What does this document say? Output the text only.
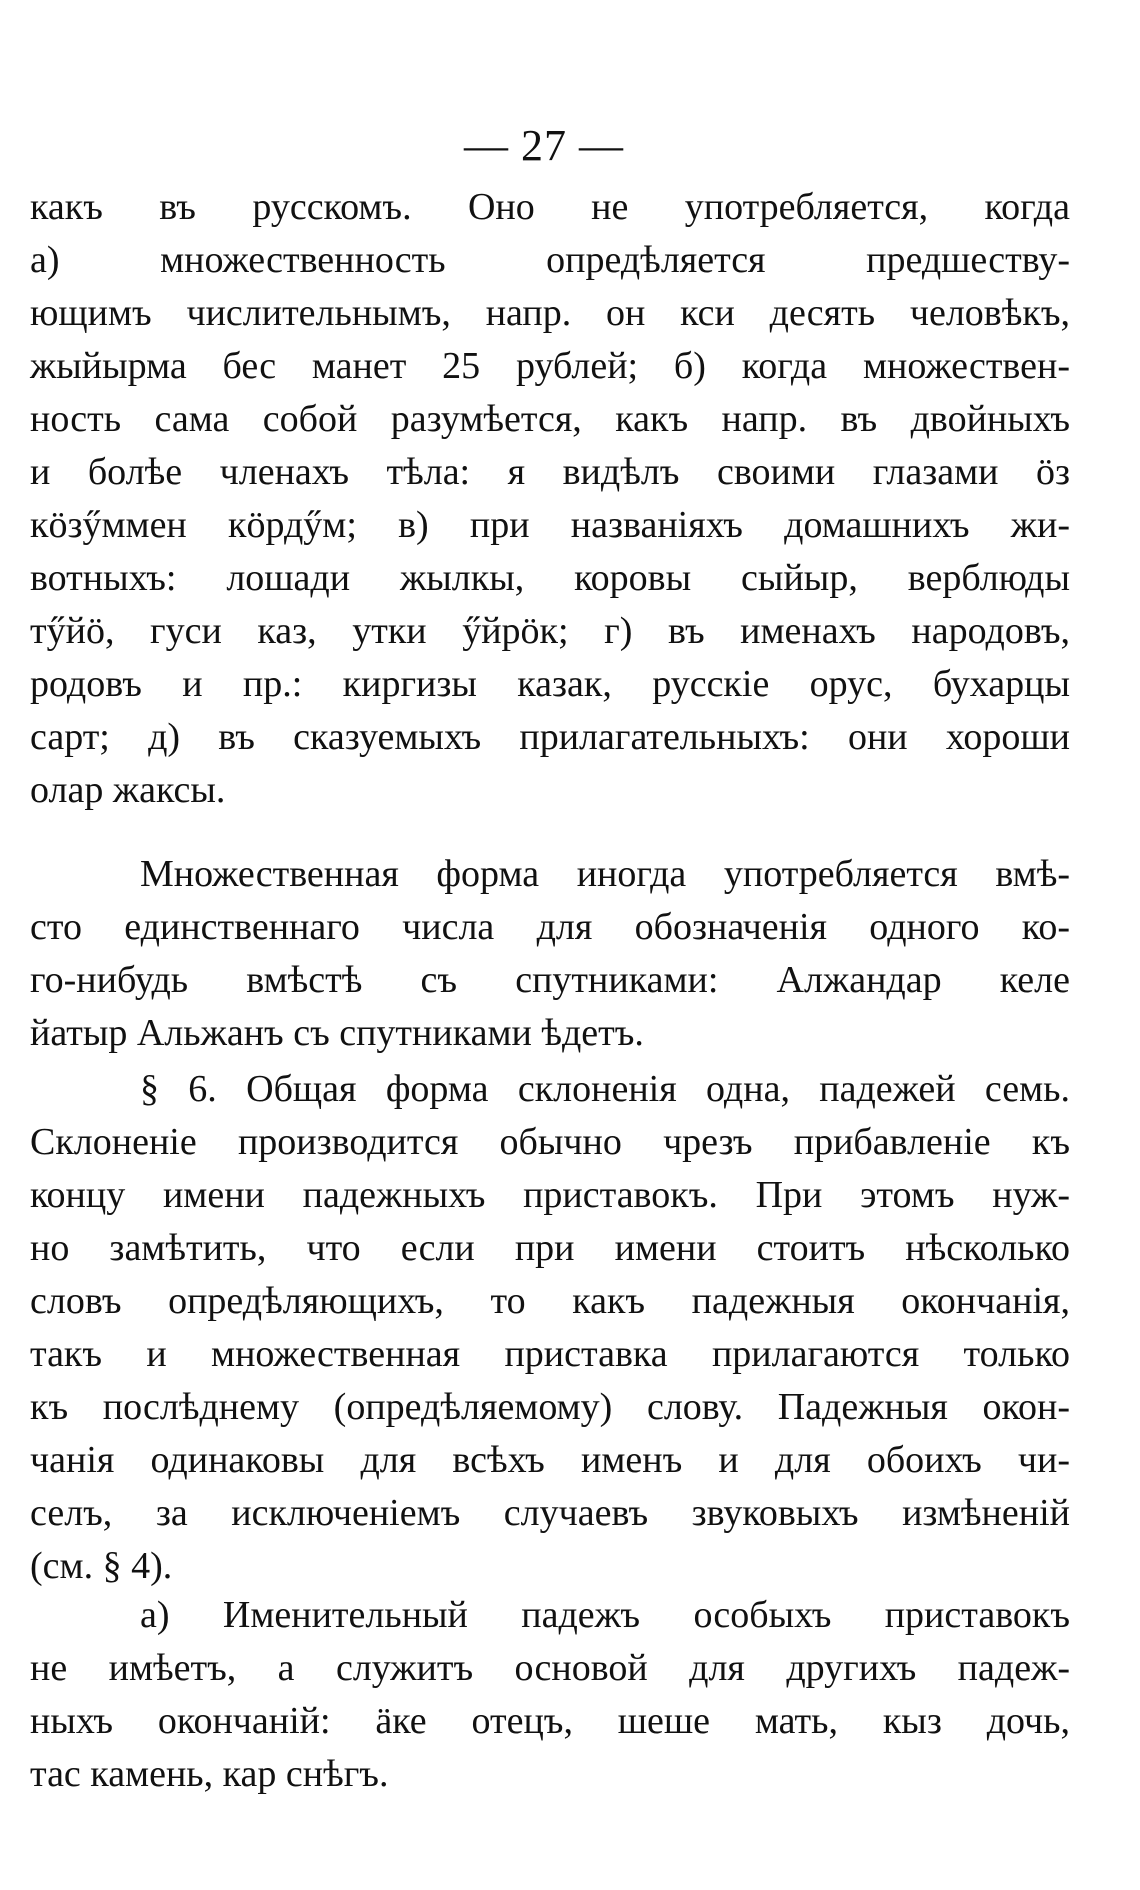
— 27 —
какъ въ русскомъ. Оно не употребляется, когда
а) множественность опредѣляется предшеству-
ющимъ числительнымъ, напр. он кси десять человѣкъ,
жыйырма бес манет 25 рублей; б) когда множествен-
ность сама собой разумѣется, какъ напр. въ двойныхъ
и болѣе членахъ тѣла: я видѣлъ своими глазами öз
кöзӳммен кöрдӳм; в) при названіяхъ домашнихъ жи-
вотныхъ: лошади жылкы, коровы сыйыр, верблюды
тӳйö, гуси каз, утки ӳйрöк; г) въ именахъ народовъ,
родовъ и пр.: киргизы казак, русскіе орус, бухарцы
сарт; д) въ сказуемыхъ прилагательныхъ: они хороши
олар жаксы.
Множественная форма иногда употребляется вмѣ-
сто единственнаго числа для обозначенія одного ко-
го-нибудь вмѣстѣ съ спутниками: Алжандар келе
йатыр Альжанъ съ спутниками ѣдетъ.
§ 6. Общая форма склоненія одна, падежей семь.
Склоненіе производится обычно чрезъ прибавленіе къ
концу имени падежныхъ приставокъ. При этомъ нуж-
но замѣтить, что если при имени стоитъ нѣсколько
словъ опредѣляющихъ, то какъ падежныя окончанія,
такъ и множественная приставка прилагаются только
къ послѣднему (опредѣляемому) слову. Падежныя окон-
чанія одинаковы для всѣхъ именъ и для обоихъ чи-
селъ, за исключеніемъ случаевъ звуковыхъ измѣненій
(см. § 4).
а) Именительный падежъ особыхъ приставокъ
не имѣетъ, а служитъ основой для другихъ падеж-
ныхъ окончаній: äке отецъ, шеше мать, кыз дочь,
тас камень, кар снѣгъ.
